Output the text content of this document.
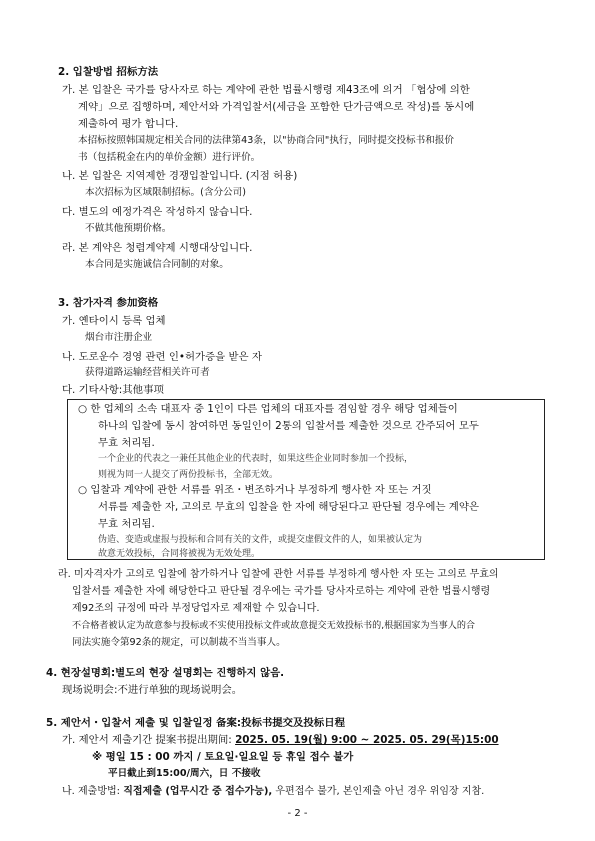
2. 입찰방법 招标方法
가. 본 입찰은 국가를 당사자로 하는 계약에 관한 법률시행령 제43조에 의거 「협상에 의한
계약」으로 집행하며, 제안서와 가격입찰서(세금을 포함한 단가금액으로 작성)를 동시에
제출하여 평가 합니다.
本招标按照韩国规定相关合同的法律第43条，以"协商合同"执行，同时提交投标书和报价
书（包括税金在内的单价金额）进行评价。
나. 본 입찰은 지역제한 경쟁입찰입니다. (지점 허용)
本次招标为区域限制招标。(含分公司)
다. 별도의 예정가격은 작성하지 않습니다.
不做其他预期价格。
라. 본 계약은 청렴계약제 시행대상입니다.
本合同是实施诚信合同制的对象。
3. 참가자격 参加资格
가. 옌타이시 등록 업체
烟台市注册企业
나. 도로운수 경영 관련 인•허가증을 받은 자
获得道路运输经营相关许可者
다. 기타사항:其他事项
○ 한 업체의 소속 대표자 중 1인이 다른 업체의 대표자를 겸임할 경우 해당 업체들이
하나의 입찰에 동시 참여하면 동일인이 2통의 입찰서를 제출한 것으로 간주되어 모두
무효 처리됨.
一个企业的代表之一兼任其他企业的代表时，如果这些企业同时参加一个投标，
则视为同一人提交了两份投标书，全部无效。
○ 입찰과 계약에 관한 서류를 위조・변조하거나 부정하게 행사한 자 또는 거짓
서류를 제출한 자, 고의로 무효의 입찰을 한 자에 해당된다고 판단될 경우에는 계약은
무효 처리됨.
伪造、变造或虚报与投标和合同有关的文件，或提交虚假文件的人，如果被认定为
故意无效投标，合同将被视为无效处理。
라. 미자격자가 고의로 입찰에 참가하거나 입찰에 관한 서류를 부정하게 행사한 자 또는 고의로 무효의
입찰서를 제출한 자에 해당한다고 판단될 경우에는 국가를 당사자로하는 계약에 관한 법률시행령
제92조의 규정에 따라 부정당업자로 제재할 수 있습니다.
不合格者被认定为故意参与投标或不实使用投标文件或故意提交无效投标书的,根据国家为当事人的合
同法实施令第92条的规定，可以制裁不当当事人。
4. 현장설명회:별도의 현장 설명회는 진행하지 않음.
现场说明会:不进行单独的现场说明会。
5. 제안서・입찰서 제출 및 입찰일정 备案:投标书提交及投标日程
가. 제안서 제출기간 提案书提出期间: 2025. 05. 19(월) 9:00 ~ 2025. 05. 29(목)15:00
※ 평일 15 : 00 까지 / 토요일·일요일 등 휴일 접수 불가
平日截止到15:00/周六，日 不接收
나. 제출방법: 직접제출 (업무시간 중 접수가능), 우편접수 불가, 본인제출 아닌 경우 위임장 지참.
- 2 -
